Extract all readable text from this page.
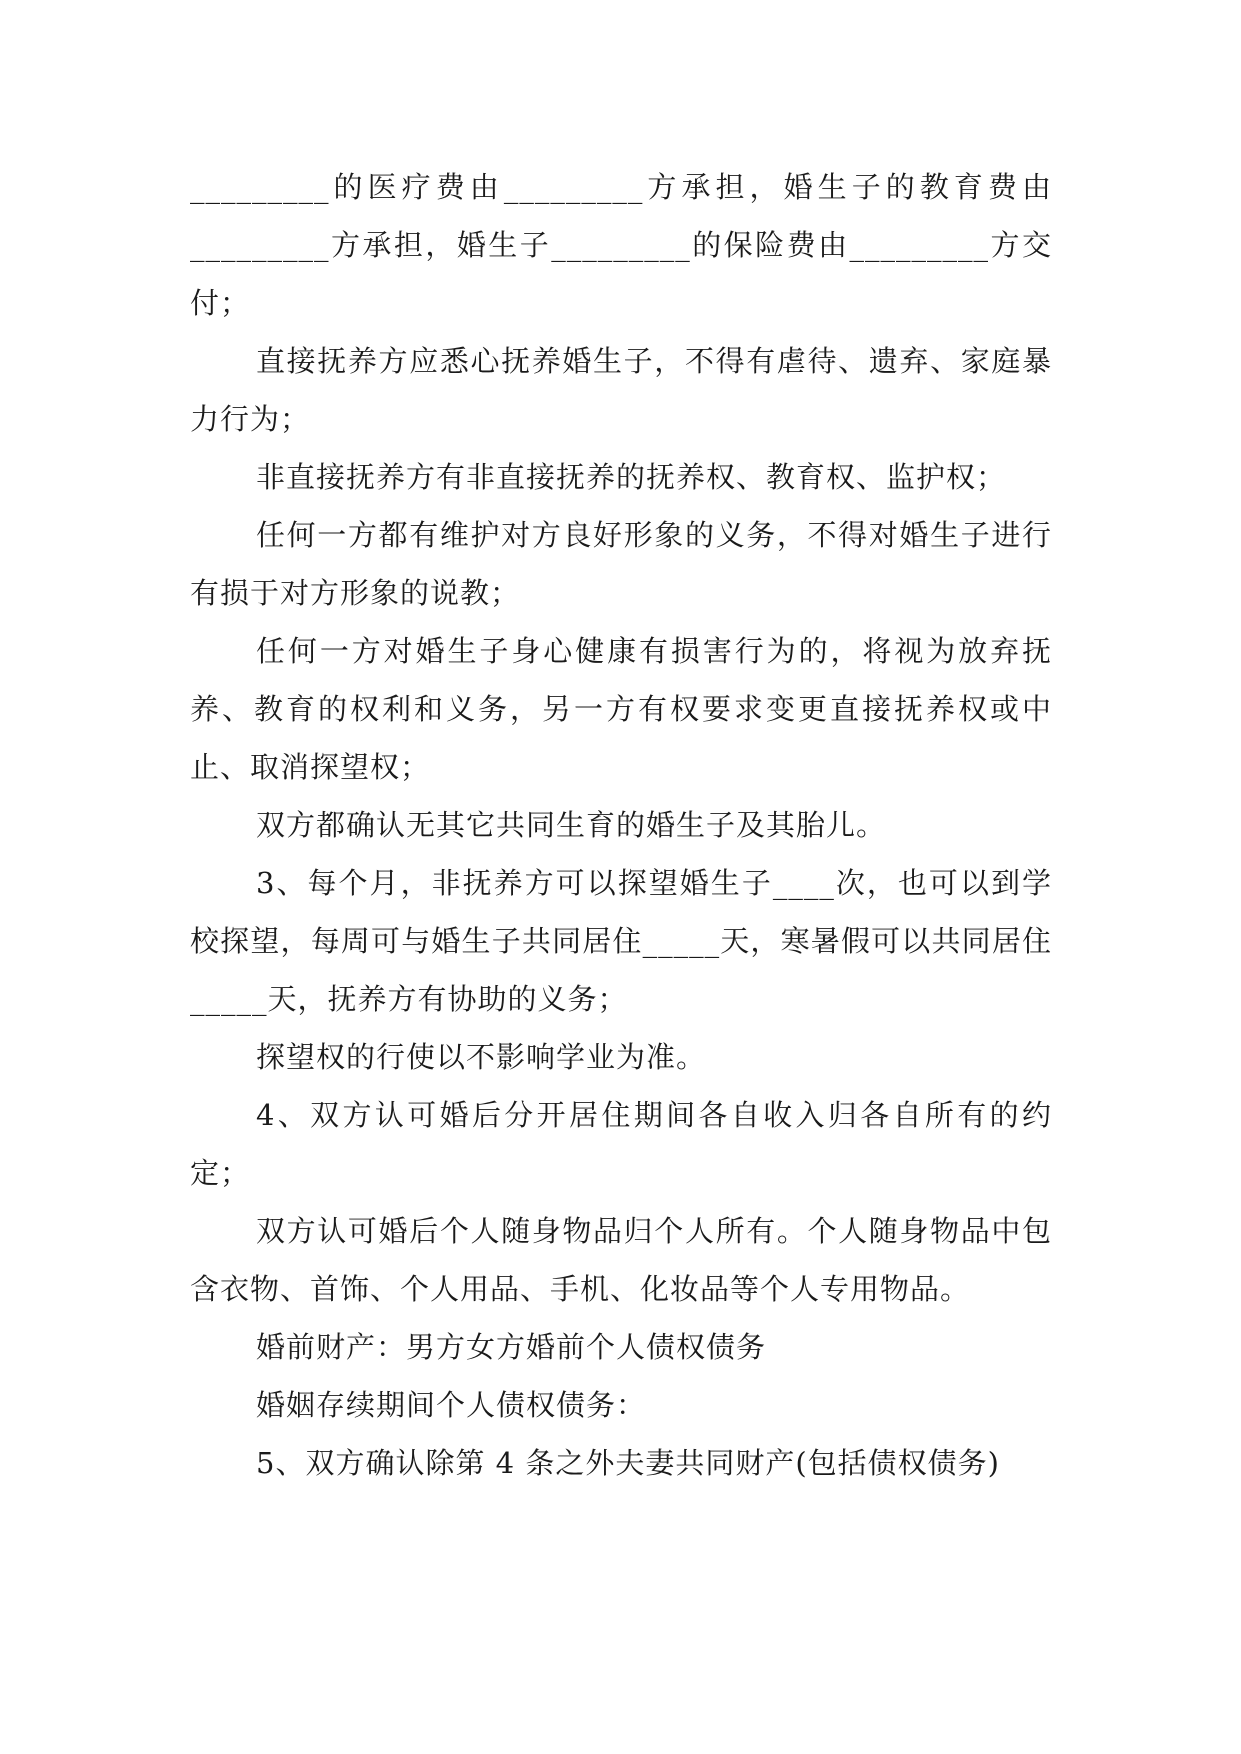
_________的医疗费由_________方承担，婚生子的教育费由_________方承担，婚生子_________的保险费由_________方交付；

直接抚养方应悉心抚养婚生子，不得有虐待、遗弃、家庭暴力行为；

非直接抚养方有非直接抚养的抚养权、教育权、监护权；

任何一方都有维护对方良好形象的义务，不得对婚生子进行有损于对方形象的说教；

任何一方对婚生子身心健康有损害行为的，将视为放弃抚养、教育的权利和义务，另一方有权要求变更直接抚养权或中止、取消探望权；

双方都确认无其它共同生育的婚生子及其胎儿。

3、每个月，非抚养方可以探望婚生子____次，也可以到学校探望，每周可与婚生子共同居住_____天，寒暑假可以共同居住_____天，抚养方有协助的义务；

探望权的行使以不影响学业为准。

4、双方认可婚后分开居住期间各自收入归各自所有的约定；

双方认可婚后个人随身物品归个人所有。个人随身物品中包含衣物、首饰、个人用品、手机、化妆品等个人专用物品。

婚前财产：男方女方婚前个人债权债务

婚姻存续期间个人债权债务：

5、双方确认除第 4 条之外夫妻共同财产(包括债权债务)
